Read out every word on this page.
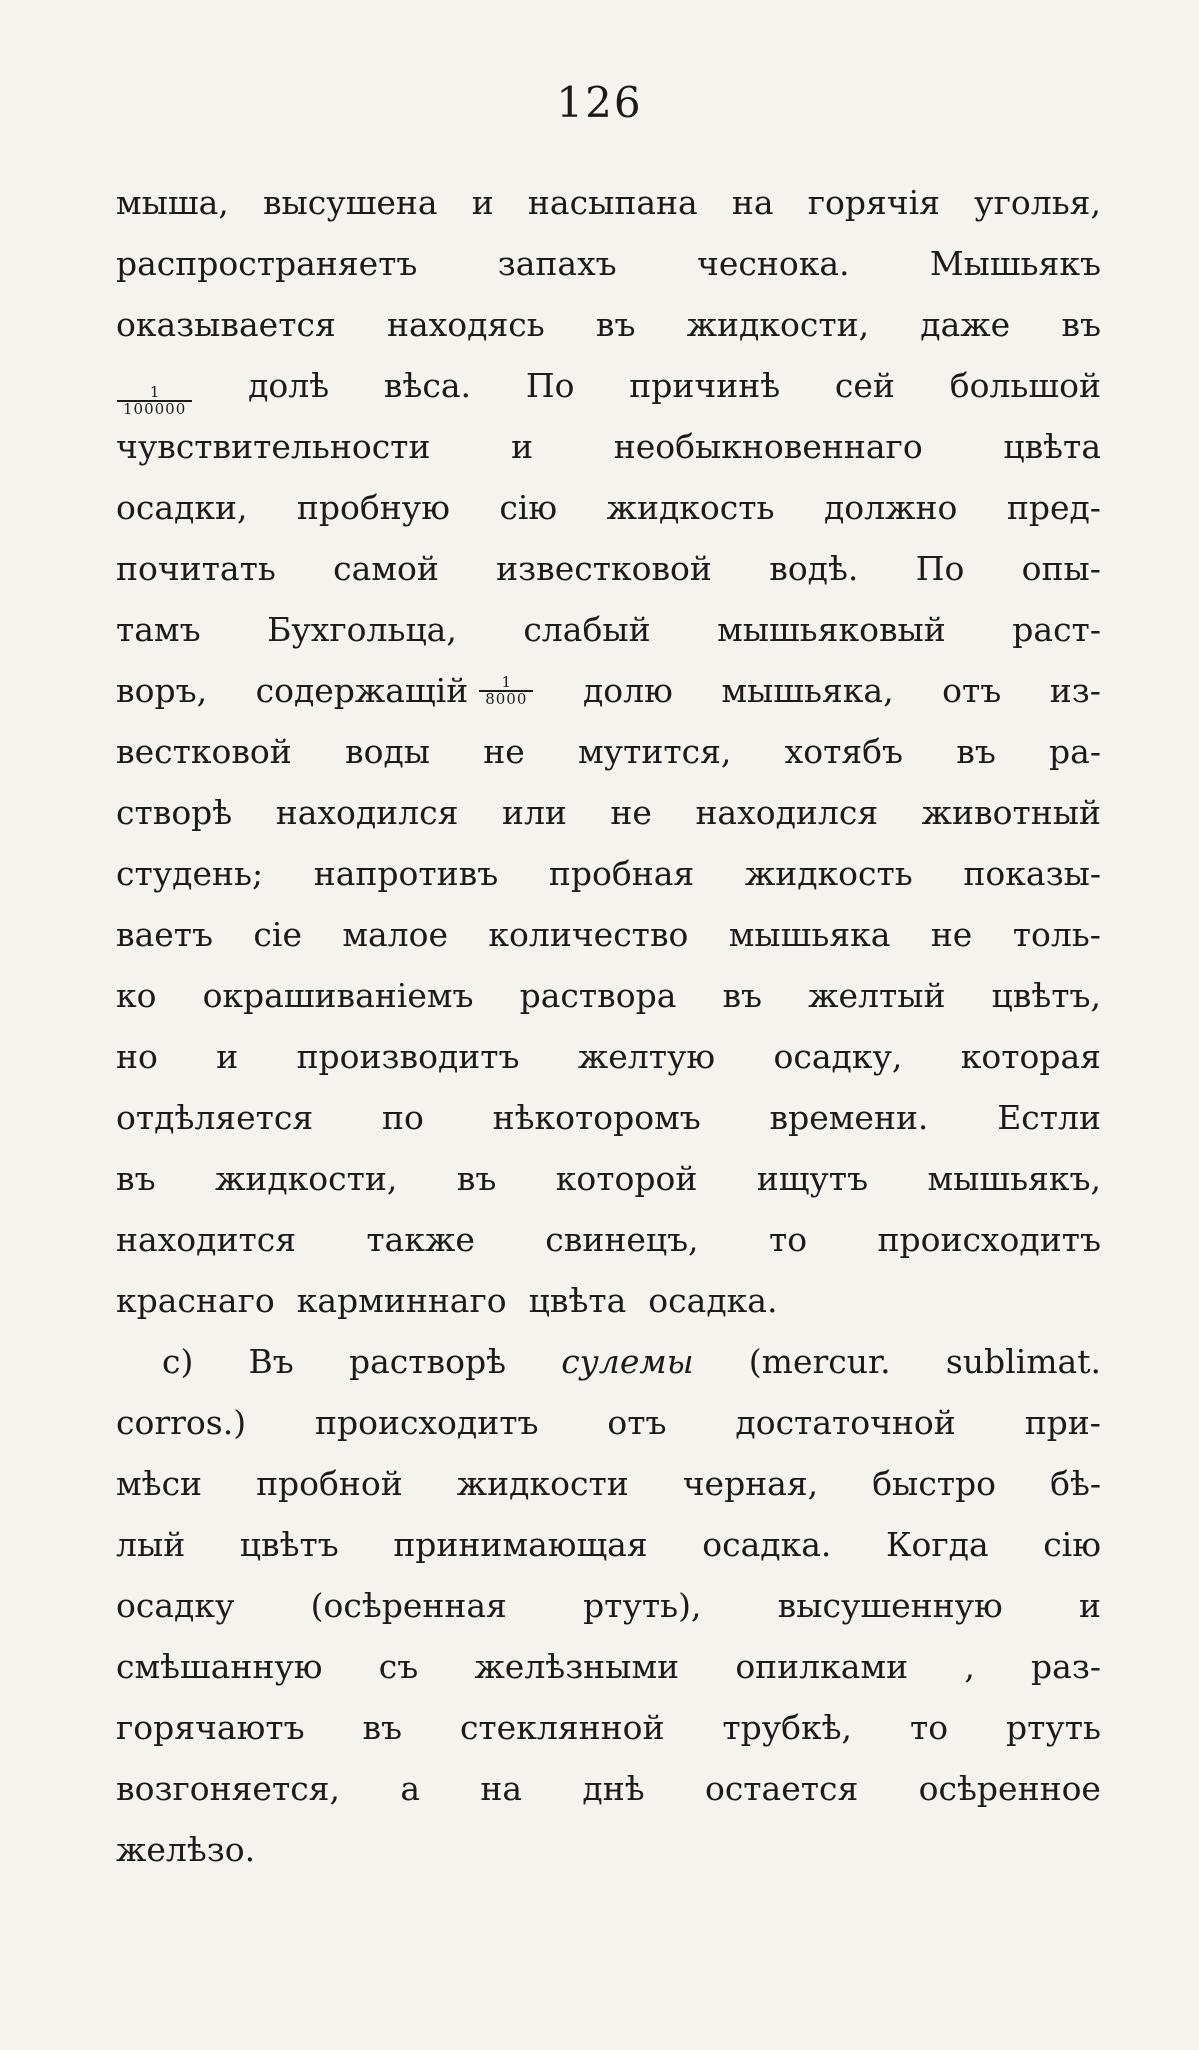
126
мыша, высушена и насыпана на горячія уголья,
распространяетъ запахъ чеснока. Мышьякъ
оказывается находясь въ жидкости, даже въ
$\frac{1}{100000}$ долѣ вѣса. По причинѣ сей большой
чувствительности и необыкновеннаго цвѣта
осадки, пробную сію жидкость должно пред-
почитать самой известковой водѣ. По опы-
тамъ Бухгольца, слабый мышьяковый раст-
воръ, содержащій $\frac{1}{8000}$ долю мышьяка, отъ из-
вестковой воды не мутится, хотябъ въ ра-
створѣ находился или не находился животный
студень; напротивъ пробная жидкость показы-
ваетъ сіе малое количество мышьяка не толь-
ко окрашиваніемъ раствора въ желтый цвѣтъ,
но и производитъ желтую осадку, которая
отдѣляется по нѣкоторомъ времени. Естли
въ жидкости, въ которой ищутъ мышьякъ,
находится также свинецъ, то происходитъ
краснаго карминнаго цвѣта осадка.
c) Въ растворѣ сулемы (mercur. sublimat.
corros.) происходитъ отъ достаточной при-
мѣси пробной жидкости черная, быстро бѣ-
лый цвѣтъ принимающая осадка. Когда сію
осадку (осѣренная ртуть), высушенную и
смѣшанную съ желѣзными опилками , раз-
горячаютъ въ стеклянной трубкѣ, то ртуть
возгоняется, а на днѣ остается осѣренное
желѣзо.
